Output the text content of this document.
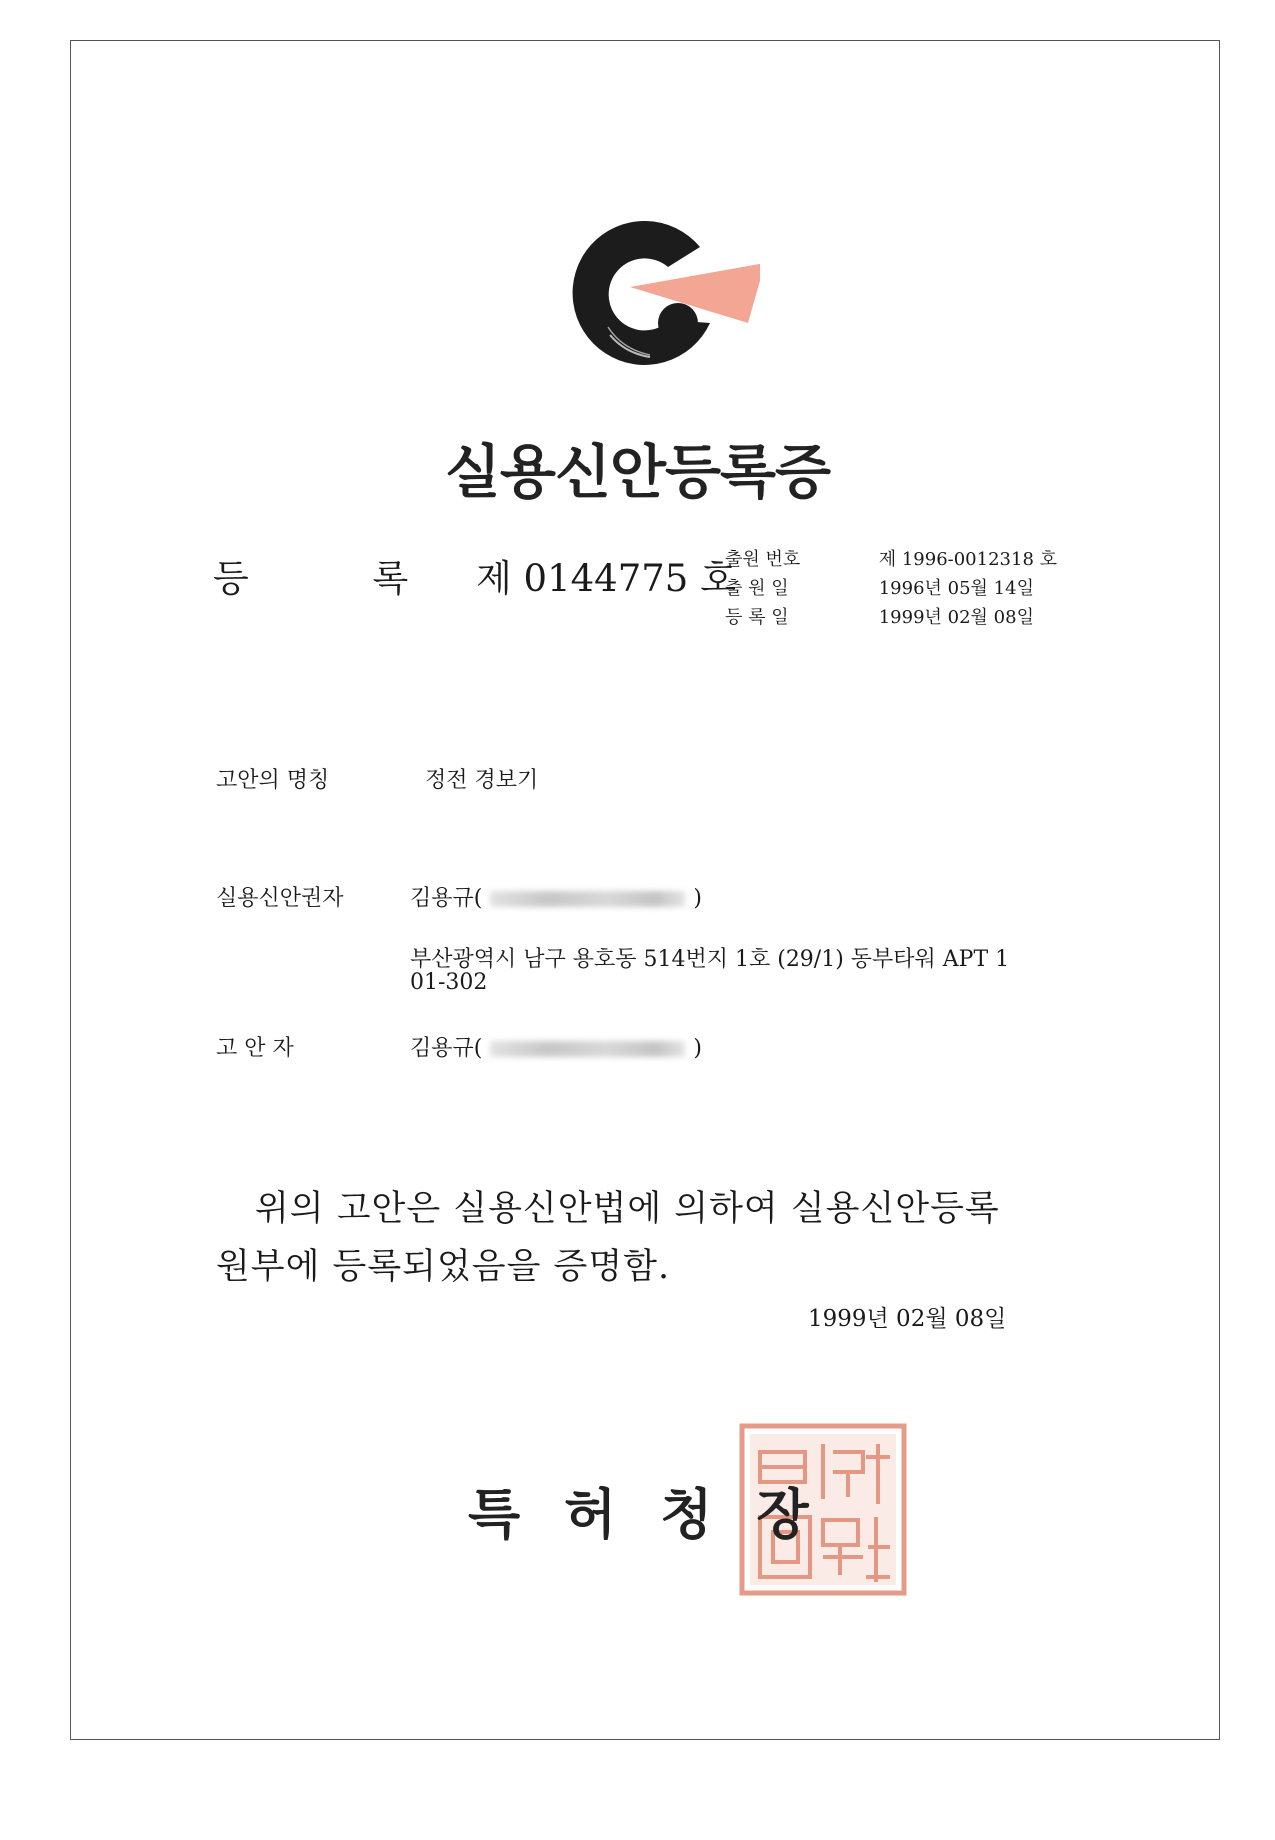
실용신안등록증
등	록 제 0144775 호
출원 번호	제 1996-0012318 호
출 원 일	1996년 05월 14일
등 록 일	1999년 02월 08일
고안의 명칭	정전 경보기
실용신안권자	김용규(	)
부산광역시 남구 용호동 514번지 1호 (29/1) 동부타워 APT 1
01-302
고 안 자	김용규(	)
위의 고안은 실용신안법에 의하여 실용신안등록
원부에 등록되었음을 증명함.
1999년 02월 08일
특허청장
